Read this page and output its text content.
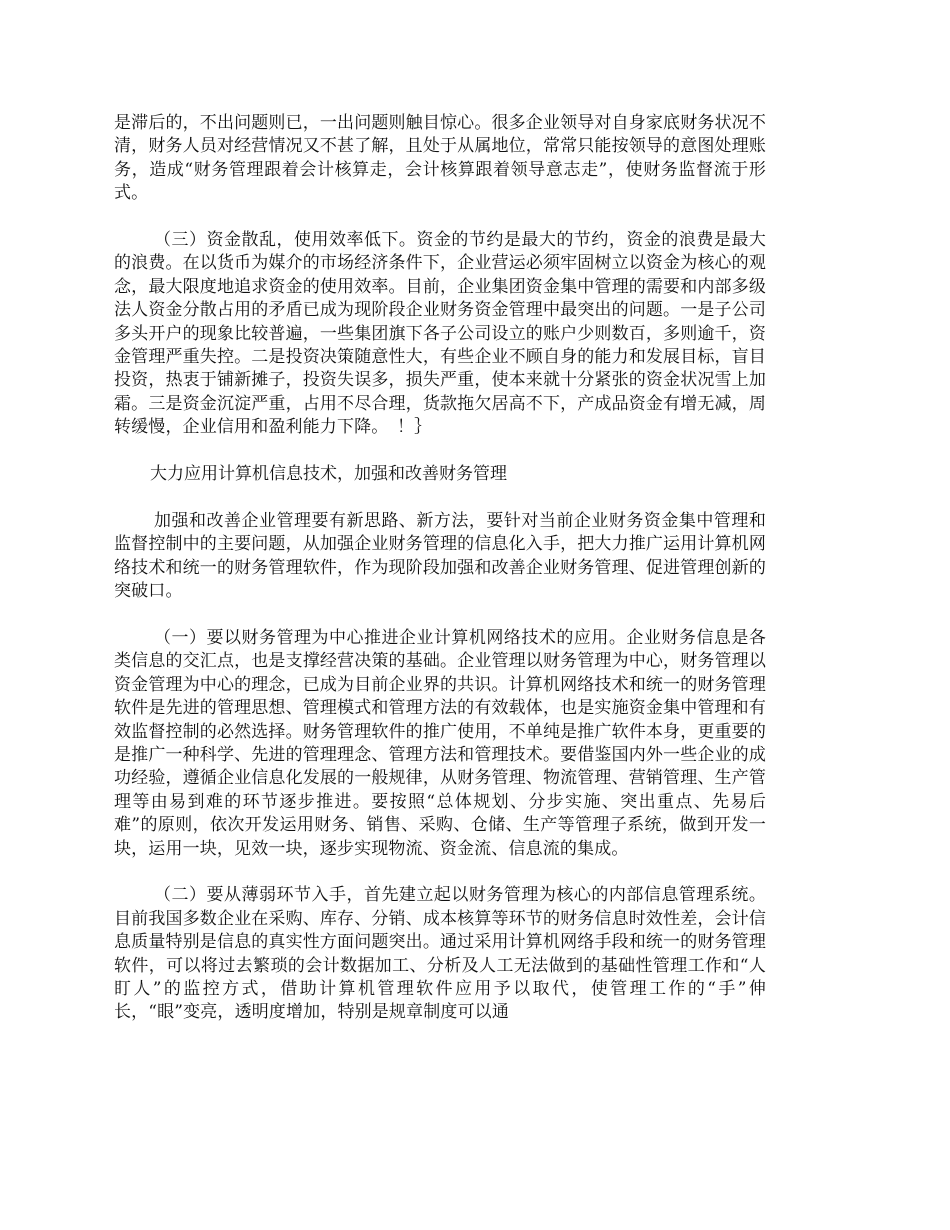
是滞后的，不出问题则已，一出问题则触目惊心。很多企业领导对自身家底财务状况不清，财务人员对经营情况又不甚了解，且处于从属地位，常常只能按领导的意图处理账务，造成“财务管理跟着会计核算走，会计核算跟着领导意志走”，使财务监督流于形式。

（三）资金散乱，使用效率低下。资金的节约是最大的节约，资金的浪费是最大的浪费。在以货币为媒介的市场经济条件下，企业营运必须牢固树立以资金为核心的观念，最大限度地追求资金的使用效率。目前，企业集团资金集中管理的需要和内部多级法人资金分散占用的矛盾已成为现阶段企业财务资金管理中最突出的问题。一是子公司多头开户的现象比较普遍，一些集团旗下各子公司设立的账户少则数百，多则逾千，资金管理严重失控。二是投资决策随意性大，有些企业不顾自身的能力和发展目标，盲目投资，热衷于铺新摊子，投资失误多，损失严重，使本来就十分紧张的资金状况雪上加霜。三是资金沉淀严重，占用不尽合理，货款拖欠居高不下，产成品资金有增无减，周转缓慢，企业信用和盈利能力下降。　！｝

大力应用计算机信息技术，加强和改善财务管理

加强和改善企业管理要有新思路、新方法，要针对当前企业财务资金集中管理和监督控制中的主要问题，从加强企业财务管理的信息化入手，把大力推广运用计算机网络技术和统一的财务管理软件，作为现阶段加强和改善企业财务管理、促进管理创新的突破口。

（一）要以财务管理为中心推进企业计算机网络技术的应用。企业财务信息是各类信息的交汇点，也是支撑经营决策的基础。企业管理以财务管理为中心，财务管理以资金管理为中心的理念，已成为目前企业界的共识。计算机网络技术和统一的财务管理软件是先进的管理思想、管理模式和管理方法的有效载体，也是实施资金集中管理和有效监督控制的必然选择。财务管理软件的推广使用，不单纯是推广软件本身，更重要的是推广一种科学、先进的管理理念、管理方法和管理技术。要借鉴国内外一些企业的成功经验，遵循企业信息化发展的一般规律，从财务管理、物流管理、营销管理、生产管理等由易到难的环节逐步推进。要按照“总体规划、分步实施、突出重点、先易后难”的原则，依次开发运用财务、销售、采购、仓储、生产等管理子系统，做到开发一块，运用一块，见效一块，逐步实现物流、资金流、信息流的集成。

（二）要从薄弱环节入手，首先建立起以财务管理为核心的内部信息管理系统。目前我国多数企业在采购、库存、分销、成本核算等环节的财务信息时效性差，会计信息质量特别是信息的真实性方面问题突出。通过采用计算机网络手段和统一的财务管理软件，可以将过去繁琐的会计数据加工、分析及人工无法做到的基础性管理工作和“人盯人”的监控方式，借助计算机管理软件应用予以取代，使管理工作的“手”伸长，“眼”变亮，透明度增加，特别是规章制度可以通
